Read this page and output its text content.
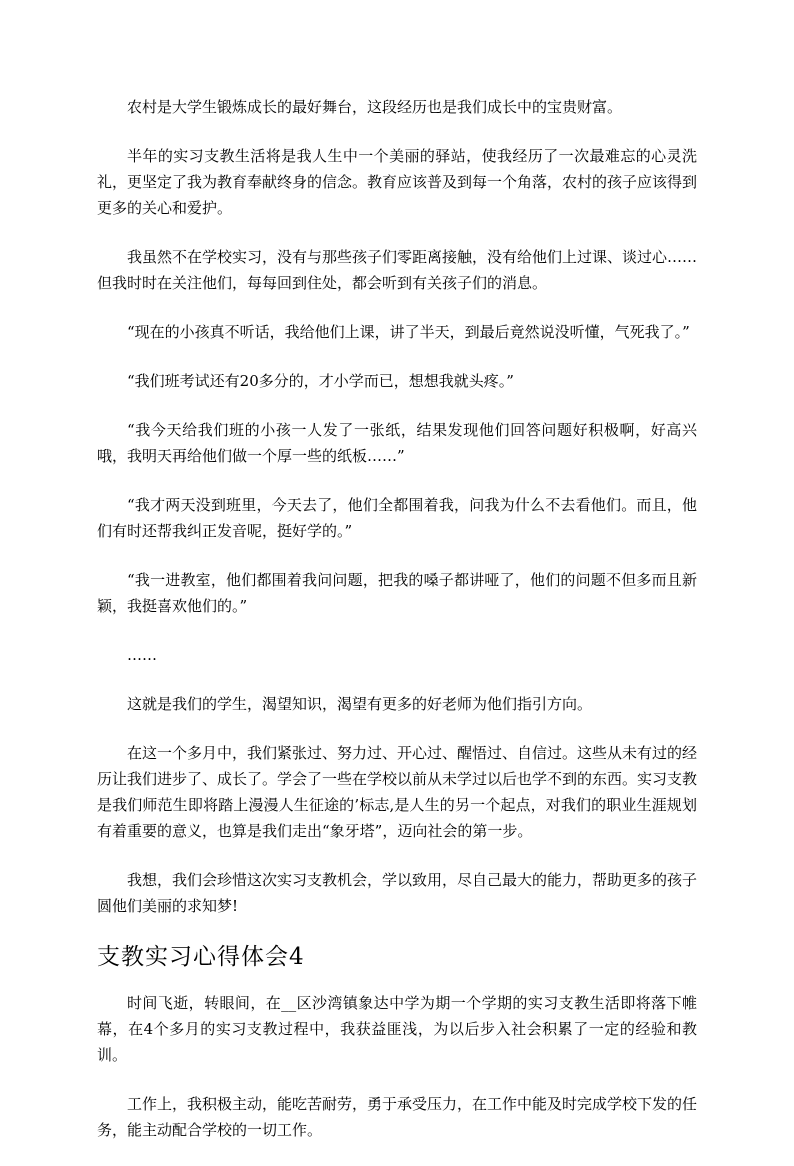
农村是大学生锻炼成长的最好舞台，这段经历也是我们成长中的宝贵财富。

半年的实习支教生活将是我人生中一个美丽的驿站，使我经历了一次最难忘的心灵洗礼，更坚定了我为教育奉献终身的信念。教育应该普及到每一个角落，农村的孩子应该得到更多的关心和爱护。

我虽然不在学校实习，没有与那些孩子们零距离接触，没有给他们上过课、谈过心……但我时时在关注他们，每每回到住处，都会听到有关孩子们的消息。

“现在的小孩真不听话，我给他们上课，讲了半天，到最后竟然说没听懂，气死我了。”

“我们班考试还有20多分的，才小学而已，想想我就头疼。”

“我今天给我们班的小孩一人发了一张纸，结果发现他们回答问题好积极啊，好高兴哦，我明天再给他们做一个厚一些的纸板……”

“我才两天没到班里，今天去了，他们全都围着我，问我为什么不去看他们。而且，他们有时还帮我纠正发音呢，挺好学的。”

“我一进教室，他们都围着我问问题，把我的嗓子都讲哑了，他们的问题不但多而且新颖，我挺喜欢他们的。”

……

这就是我们的学生，渴望知识，渴望有更多的好老师为他们指引方向。

在这一个多月中，我们紧张过、努力过、开心过、醒悟过、自信过。这些从未有过的经历让我们进步了、成长了。学会了一些在学校以前从未学过以后也学不到的东西。实习支教是我们师范生即将踏上漫漫人生征途的’标志,是人生的另一个起点，对我们的职业生涯规划有着重要的意义，也算是我们走出“象牙塔”，迈向社会的第一步。

我想，我们会珍惜这次实习支教机会，学以致用，尽自己最大的能力，帮助更多的孩子圆他们美丽的求知梦!

支教实习心得体会4

时间飞逝，转眼间，在__区沙湾镇象达中学为期一个学期的实习支教生活即将落下帷幕，在4个多月的实习支教过程中，我获益匪浅，为以后步入社会积累了一定的经验和教训。

工作上，我积极主动，能吃苦耐劳，勇于承受压力，在工作中能及时完成学校下发的任务，能主动配合学校的一切工作。
